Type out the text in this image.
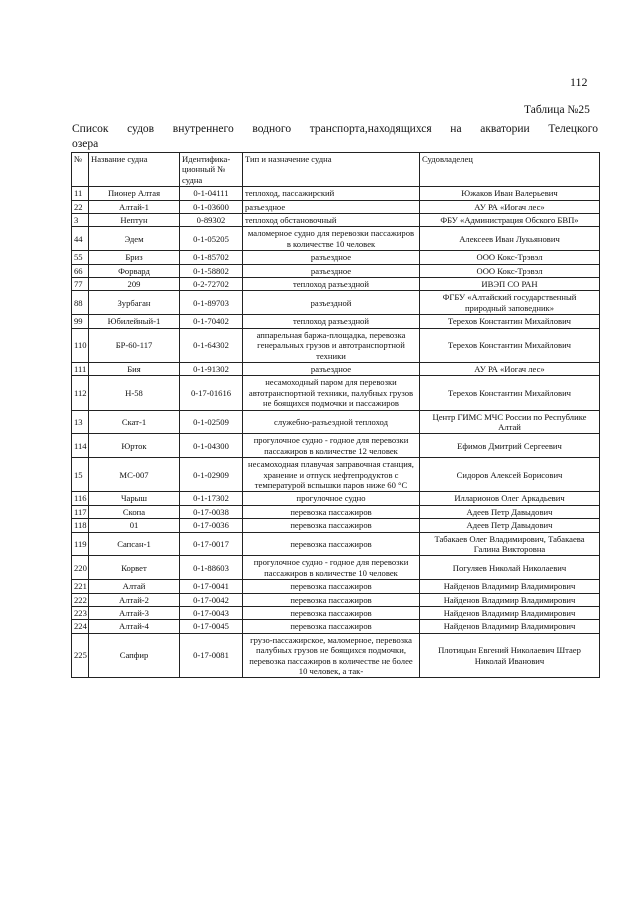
112
Таблица №25
Список судов внутреннего водного транспорта,находящихся на акватории Телецкого
озера
№	Название судна	Идентифика-ционный № судна	Тип и назначение судна	Судовладелец
11	Пионер Алтая	0-1-04111	теплоход, пассажирский	Южаков Иван Валерьевич
22	Алтай-1	0-1-03600	разъездное	АУ РА «Иогач лес»
3	Нептун	0-89302	теплоход обстановочный	ФБУ «Администрация Обского БВП»
44	Эдем	0-1-05205	маломерное судно для перевозки пассажиров в количестве 10 человек	Алексеев Иван Лукьянович
55	Бриз	0-1-85702	разъездное	ООО Кокс-Трэвэл
66	Форвард	0-1-58802	разъездное	ООО Кокс-Трэвэл
77	209	0-2-72702	теплоход разъездной	ИВЭП СО РАН
88	Зурбаган	0-1-89703	разъездной	ФГБУ «Алтайский государственный природный заповедник»
99	Юбилейный-1	0-1-70402	теплоход разъездной	Терехов Константин Михайлович
110	БР-60-117	0-1-64302	аппарельная баржа-площадка, перевозка генеральных грузов и автотранспортной техники	Терехов Константин Михайлович
111	Бия	0-1-91302	разъездное	АУ РА «Иогач лес»
112	Н-58	0-17-01616	несамоходный паром для перевозки автотранспортной техники, палубных грузов не боящихся подмочки и пассажиров	Терехов Константин Михайлович
13	Скат-1	0-1-02509	служебно-разъездной теплоход	Центр ГИМС МЧС России по Республике Алтай
114	Юрток	0-1-04300	прогулочное судно - годное для перевозки пассажиров в количестве 12 человек	Ефимов Дмитрий Сергеевич
15	МС-007	0-1-02909	несамоходная плавучая заправочная станция, хранение и отпуск нефтепродуктов с температурой вспышки паров ниже 60 °С	Сидоров Алексей Борисович
116	Чарыш	0-1-17302	прогулочное судно	Илларионов Олег Аркадьевич
117	Скопа	0-17-0038	перевозка пассажиров	Адеев Петр Давыдович
118	01	0-17-0036	перевозка пассажиров	Адеев Петр Давыдович
119	Сапсан-1	0-17-0017	перевозка пассажиров	Табакаев Олег Владимирович, Табакаева Галина Викторовна
220	Корвет	0-1-88603	прогулочное судно - годное для перевозки пассажиров в количестве 10 человек	Погуляев Николай Николаевич
221	Алтай	0-17-0041	перевозка пассажиров	Найденов Владимир Владимирович
222	Алтай-2	0-17-0042	перевозка пассажиров	Найденов Владимир Владимирович
223	Алтай-3	0-17-0043	перевозка пассажиров	Найденов Владимир Владимирович
224	Алтай-4	0-17-0045	перевозка пассажиров	Найденов Владимир Владимирович
225	Сапфир	0-17-0081	грузо-пассажирское, маломерное, перевозка палубных грузов не боящихся подмочки, перевозка пассажиров в количестве не более 10 человек, а так-	Плотицын Евгений Николаевич Штаер Николай Иванович
